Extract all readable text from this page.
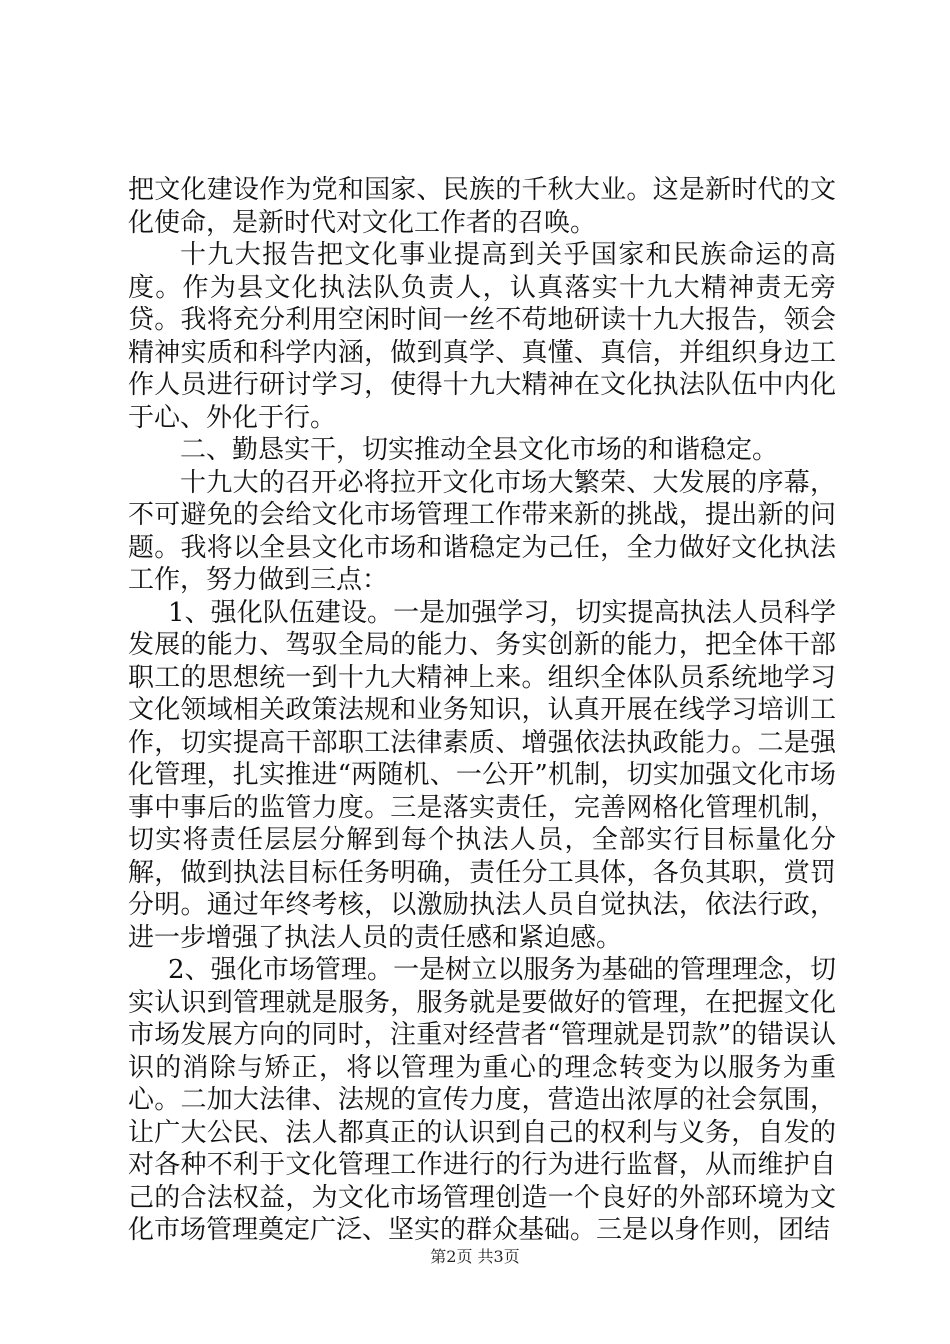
把文化建设作为党和国家、民族的千秋大业。这是新时代的文化使命，是新时代对文化工作者的召唤。

十九大报告把文化事业提高到关乎国家和民族命运的高度。作为县文化执法队负责人，认真落实十九大精神责无旁贷。我将充分利用空闲时间一丝不苟地研读十九大报告，领会精神实质和科学内涵，做到真学、真懂、真信，并组织身边工作人员进行研讨学习，使得十九大精神在文化执法队伍中内化于心、外化于行。

二、勤恳实干，切实推动全县文化市场的和谐稳定。

十九大的召开必将拉开文化市场大繁荣、大发展的序幕，不可避免的会给文化市场管理工作带来新的挑战，提出新的问题。我将以全县文化市场和谐稳定为己任，全力做好文化执法工作，努力做到三点：

1、强化队伍建设。一是加强学习，切实提高执法人员科学发展的能力、驾驭全局的能力、务实创新的能力，把全体干部职工的思想统一到十九大精神上来。组织全体队员系统地学习文化领域相关政策法规和业务知识，认真开展在线学习培训工作，切实提高干部职工法律素质、增强依法执政能力。二是强化管理，扎实推进“两随机、一公开”机制，切实加强文化市场事中事后的监管力度。三是落实责任，完善网格化管理机制，切实将责任层层分解到每个执法人员，全部实行目标量化分解，做到执法目标任务明确，责任分工具体，各负其职，赏罚分明。通过年终考核，以激励执法人员自觉执法，依法行政，进一步增强了执法人员的责任感和紧迫感。

2、强化市场管理。一是树立以服务为基础的管理理念，切实认识到管理就是服务，服务就是要做好的管理，在把握文化市场发展方向的同时，注重对经营者“管理就是罚款”的错误认识的消除与矫正，将以管理为重心的理念转变为以服务为重心。二加大法律、法规的宣传力度，营造出浓厚的社会氛围，让广大公民、法人都真正的认识到自己的权利与义务，自发的对各种不利于文化管理工作进行的行为进行监督，从而维护自己的合法权益，为文化市场管理创造一个良好的外部环境为文化市场管理奠定广泛、坚实的群众基础。三是以身作则，团结

第2页 共3页
